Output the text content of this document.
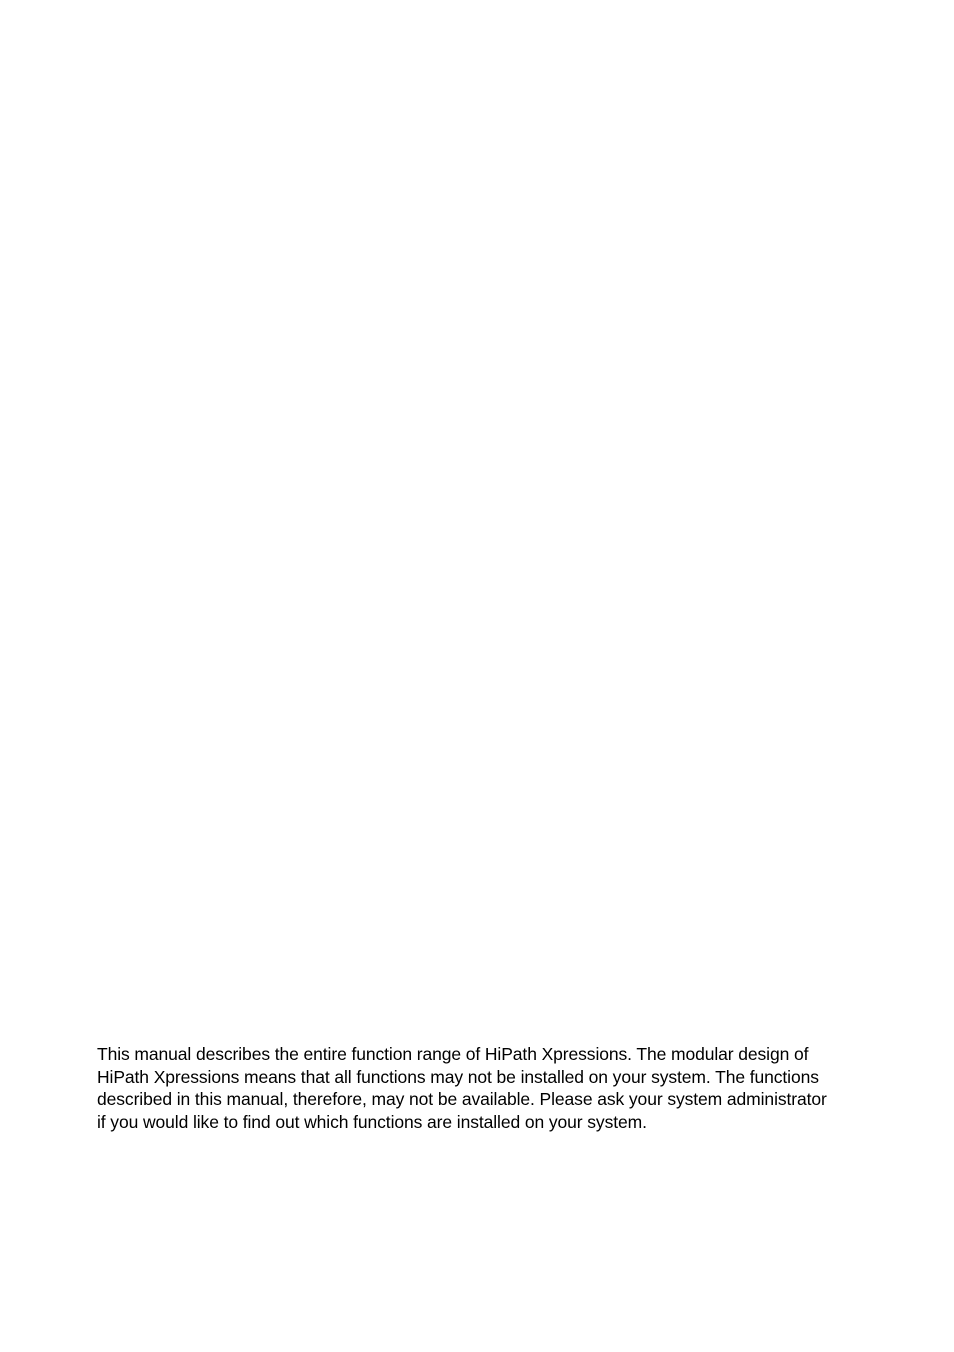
This manual describes the entire function range of HiPath Xpressions. The modular design of
HiPath Xpressions means that all functions may not be installed on your system. The functions
described in this manual, therefore, may not be available. Please ask your system administrator
if you would like to find out which functions are installed on your system.
